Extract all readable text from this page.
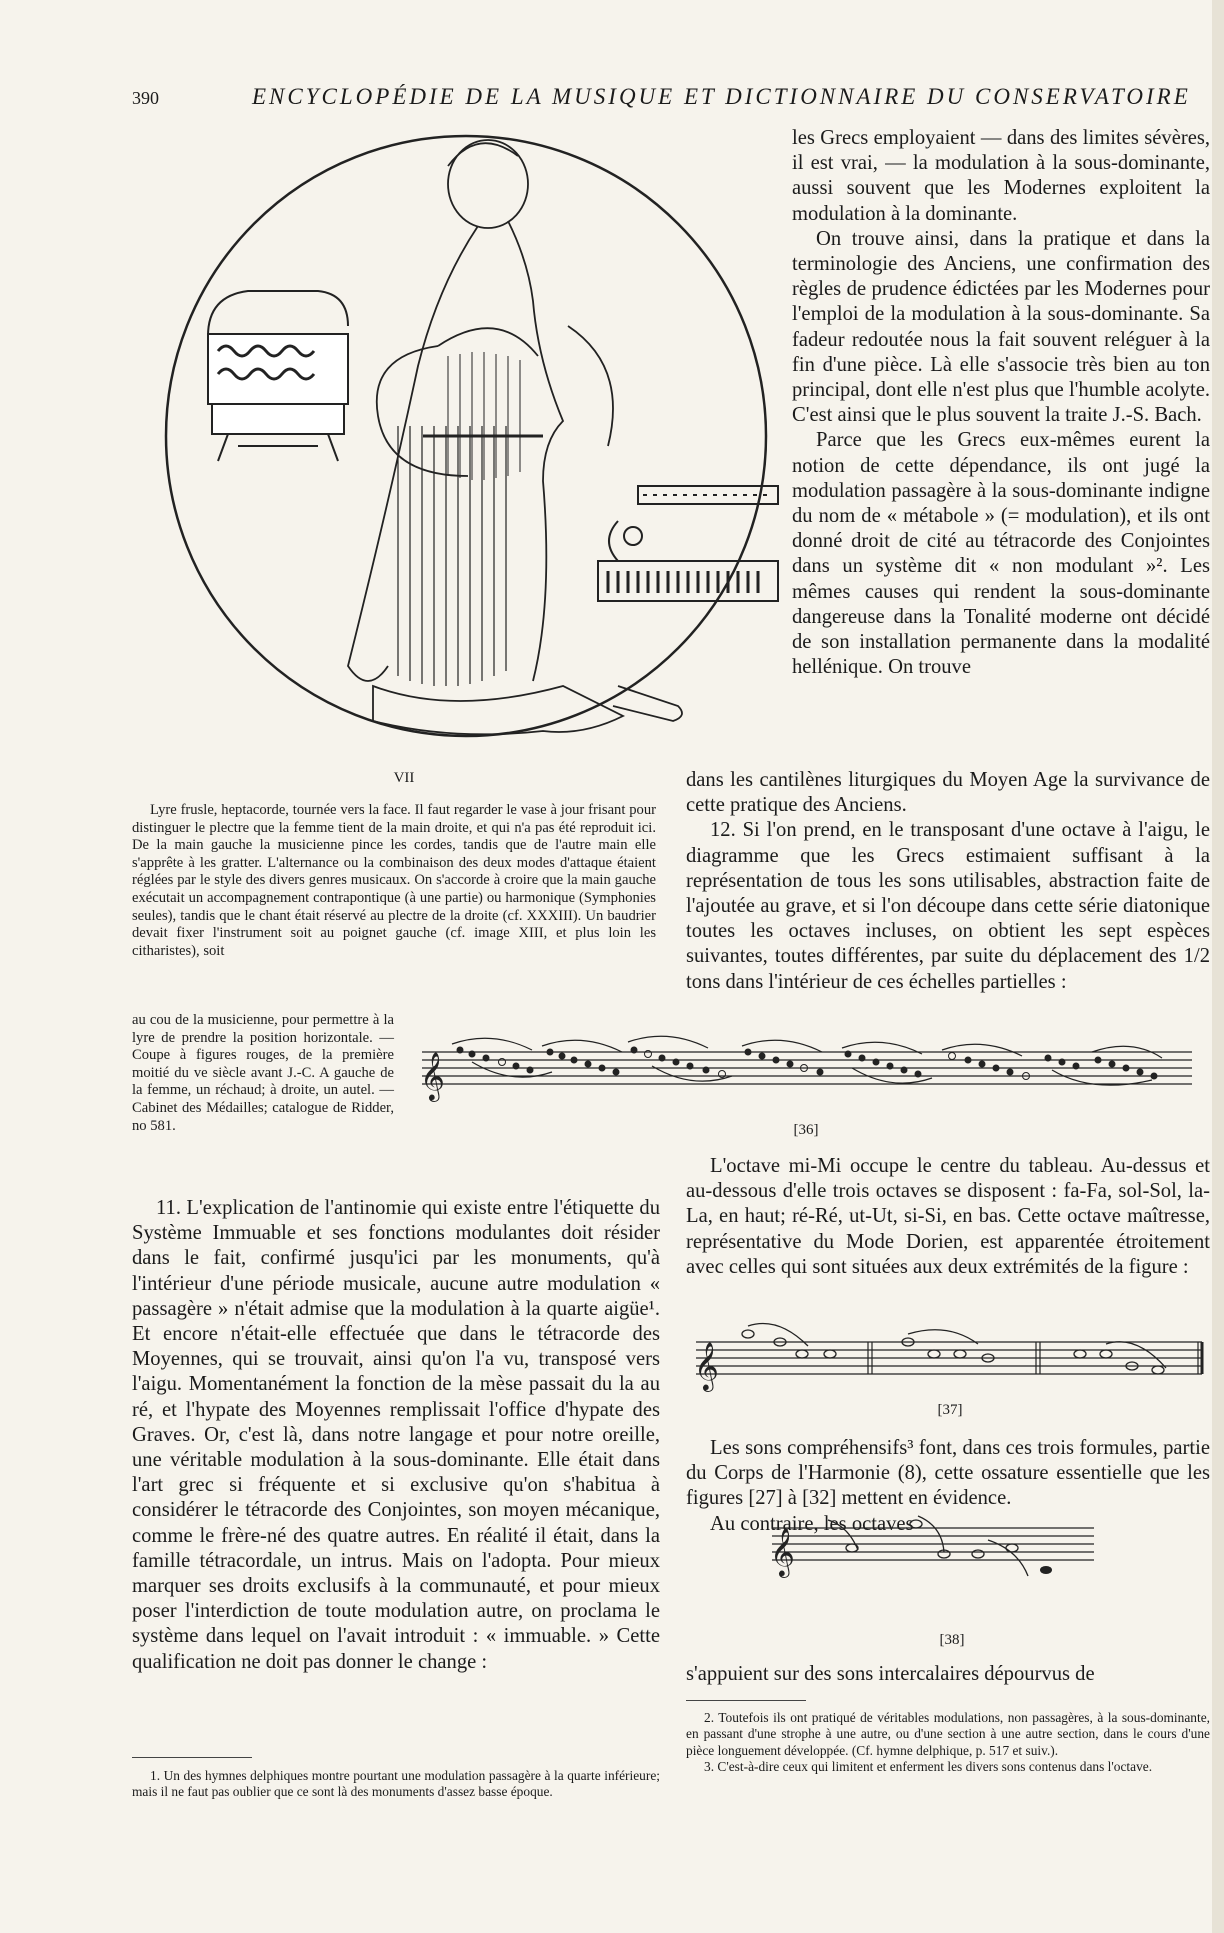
390	ENCYCLOPÉDIE DE LA MUSIQUE ET DICTIONNAIRE DU CONSERVATOIRE
VII

Lyre frusle, heptacorde, tournée vers la face. Il faut regarder le vase à jour frisant pour distinguer le plectre que la femme tient de la main droite, et qui n'a pas été reproduit ici. De la main gauche la musicienne pince les cordes, tandis que de l'autre main elle s'apprête à les gratter. L'alternance ou la combinaison des deux modes d'attaque étaient réglées par le style des divers genres musicaux. On s'accorde à croire que la main gauche exécutait un accompagnement contrapontique (à une partie) ou harmonique (Symphonies seules), tandis que le chant était réservé au plectre de la droite (cf. XXXIII). Un baudrier devait fixer l'instrument soit au poignet gauche (cf. image XIII, et plus loin les citharistes), soit

au cou de la musicienne, pour permettre à la lyre de prendre la position horizontale. — Coupe à figures rouges, de la première moitié du ve siècle avant J.-C. A gauche de la femme, un réchaud; à droite, un autel. — Cabinet des Médailles; catalogue de Ridder, no 581.

𝄞
[36]

11. L'explication de l'antinomie qui existe entre l'étiquette du Système Immuable et ses fonctions modulantes doit résider dans le fait, confirmé jusqu'ici par les monuments, qu'à l'intérieur d'une période musicale, aucune autre modulation « passagère » n'était admise que la modulation à la quarte aigüe¹. Et encore n'était-elle effectuée que dans le tétracorde des Moyennes, qui se trouvait, ainsi qu'on l'a vu, transposé vers l'aigu. Momentanément la fonction de la mèse passait du la au ré, et l'hypate des Moyennes remplissait l'office d'hypate des Graves. Or, c'est là, dans notre langage et pour notre oreille, une véritable modulation à la sous-dominante. Elle était dans l'art grec si fréquente et si exclusive qu'on s'habitua à considérer le tétracorde des Conjointes, son moyen mécanique, comme le frère-né des quatre autres. En réalité il était, dans la famille tétracordale, un intrus. Mais on l'adopta. Pour mieux marquer ses droits exclusifs à la communauté, et pour mieux poser l'interdiction de toute modulation autre, on proclama le système dans lequel on l'avait introduit : « immuable. » Cette qualification ne doit pas donner le change :

1. Un des hymnes delphiques montre pourtant une modulation passagère à la quarte inférieure; mais il ne faut pas oublier que ce sont là des monuments d'assez basse époque.

les Grecs employaient — dans des limites sévères, il est vrai, — la modulation à la sous-dominante, aussi souvent que les Modernes exploitent la modulation à la dominante.

On trouve ainsi, dans la pratique et dans la terminologie des Anciens, une confirmation des règles de prudence édictées par les Modernes pour l'emploi de la modulation à la sous-dominante. Sa fadeur redoutée nous la fait souvent reléguer à la fin d'une pièce. Là elle s'associe très bien au ton principal, dont elle n'est plus que l'humble acolyte. C'est ainsi que le plus souvent la traite J.-S. Bach.

Parce que les Grecs eux-mêmes eurent la notion de cette dépendance, ils ont jugé la modulation passagère à la sous-dominante indigne du nom de « métabole » (= modulation), et ils ont donné droit de cité au tétracorde des Conjointes dans un système dit « non modulant »². Les mêmes causes qui rendent la sous-dominante dangereuse dans la Tonalité moderne ont décidé de son installation permanente dans la modalité hellénique. On trouve

dans les cantilènes liturgiques du Moyen Age la survivance de cette pratique des Anciens.

12. Si l'on prend, en le transposant d'une octave à l'aigu, le diagramme que les Grecs estimaient suffisant à la représentation de tous les sons utilisables, abstraction faite de l'ajoutée au grave, et si l'on découpe dans cette série diatonique toutes les octaves incluses, on obtient les sept espèces suivantes, toutes différentes, par suite du déplacement des 1/2 tons dans l'intérieur de ces échelles partielles :

L'octave mi-Mi occupe le centre du tableau. Au-dessus et au-dessous d'elle trois octaves se disposent : fa-Fa, sol-Sol, la-La, en haut; ré-Ré, ut-Ut, si-Si, en bas. Cette octave maîtresse, représentative du Mode Dorien, est apparentée étroitement avec celles qui sont situées aux deux extrémités de la figure :

𝄞
[37]

Les sons compréhensifs³ font, dans ces trois formules, partie du Corps de l'Harmonie (8), cette ossature essentielle que les figures [27] à [32] mettent en évidence.

Au contraire, les octaves

𝄞
[38]

s'appuient sur des sons intercalaires dépourvus de

2. Toutefois ils ont pratiqué de véritables modulations, non passagères, à la sous-dominante, en passant d'une strophe à une autre, ou d'une section à une autre section, dans le cours d'une pièce longuement développée. (Cf. hymne delphique, p. 517 et suiv.).

3. C'est-à-dire ceux qui limitent et enferment les divers sons contenus dans l'octave.
